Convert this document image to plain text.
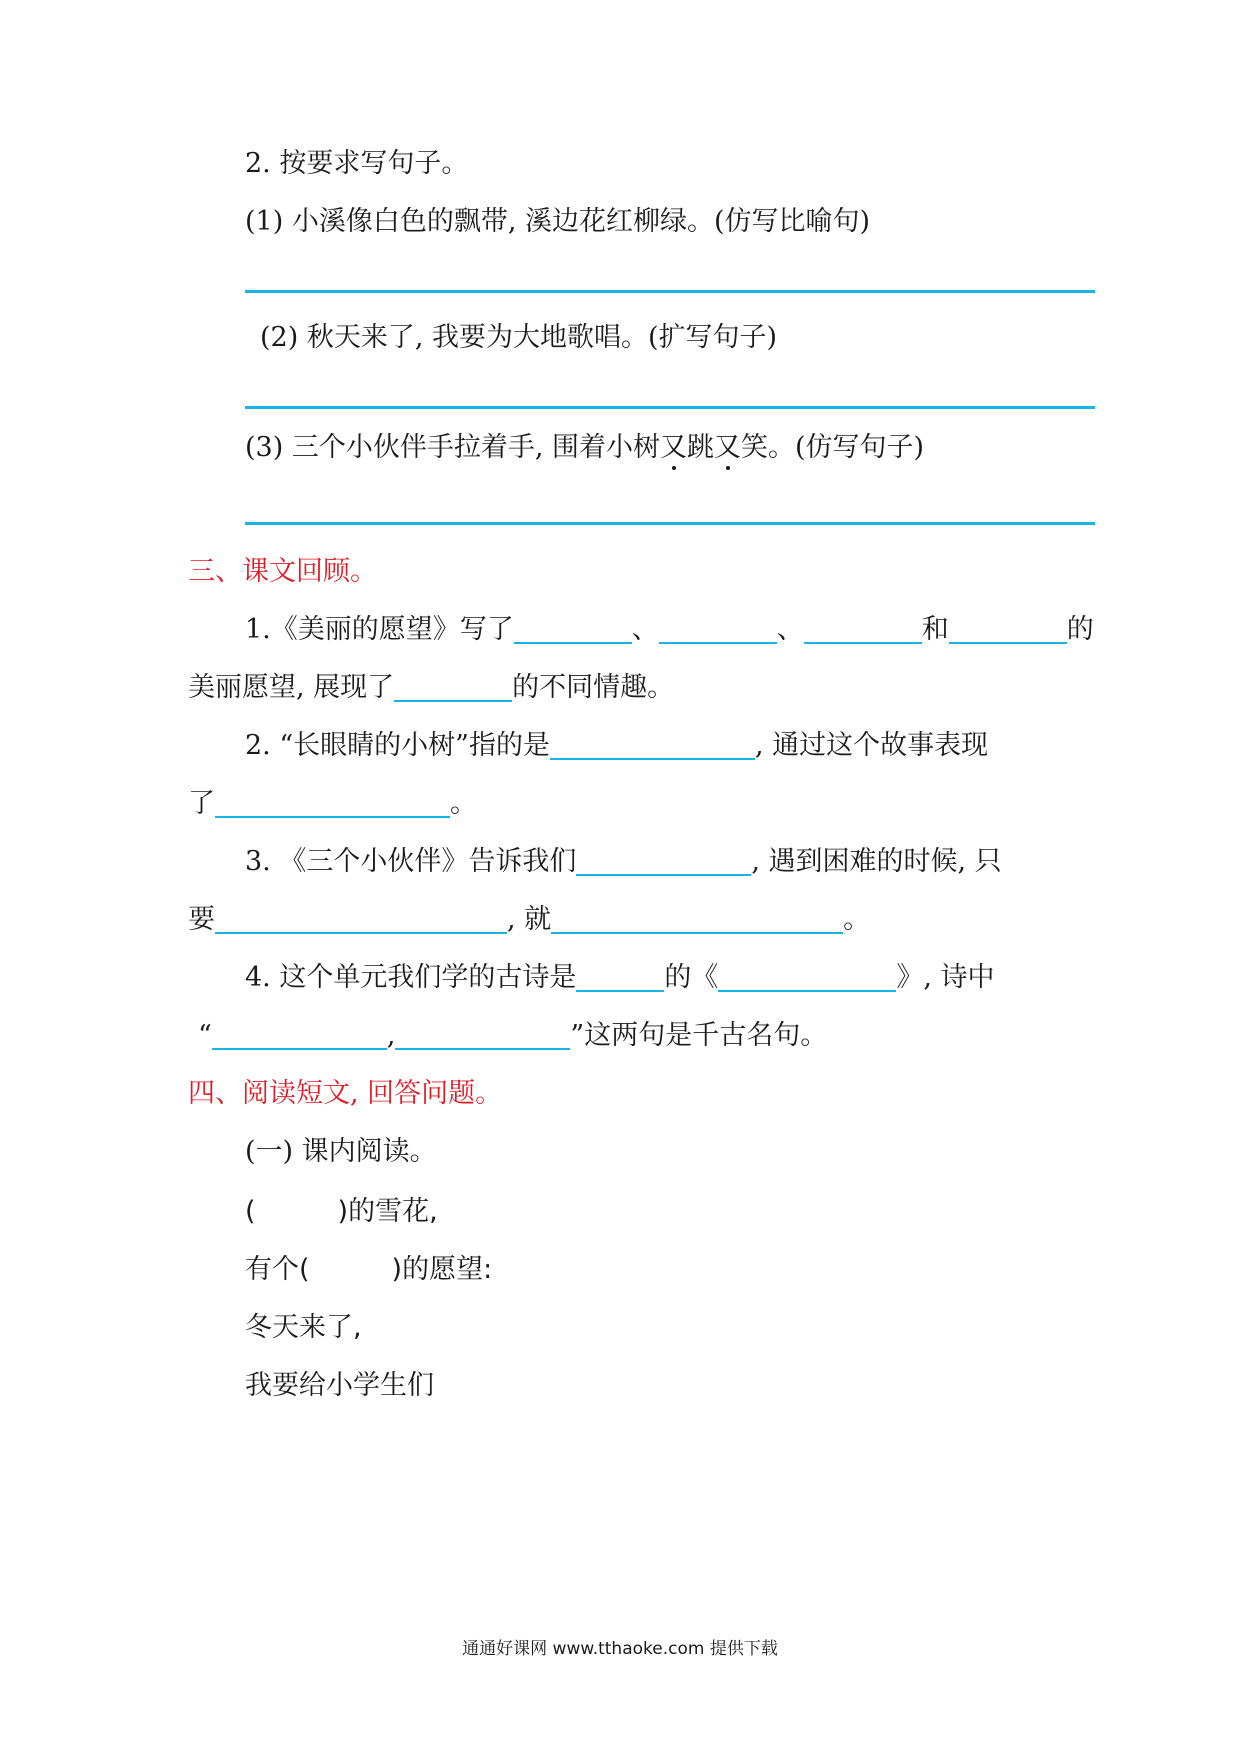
2. 按要求写句子。
(1) 小溪像白色的飘带, 溪边花红柳绿。(仿写比喻句)
(2) 秋天来了, 我要为大地歌唱。(扩写句子)
(3) 三个小伙伴手拉着手, 围着小树又跳又笑。(仿写句子)
三、课文回顾。
1.《美丽的愿望》写了	、	、	和	的
美丽愿望, 展现了	的不同情趣。
2. “长眼睛的小树”指的是	, 通过这个故事表现
了	。
3. 《三个小伙伴》告诉我们	, 遇到困难的时候, 只
要	, 就	。
4. 这个单元我们学的古诗是	的《	》, 诗中
“	,	”这两句是千古名句。
四、阅读短文, 回答问题。
(一) 课内阅读。
(	)的雪花,
有个(	)的愿望:
冬天来了,
我要给小学生们
通通好课网 www.tthaoke.com 提供下载
